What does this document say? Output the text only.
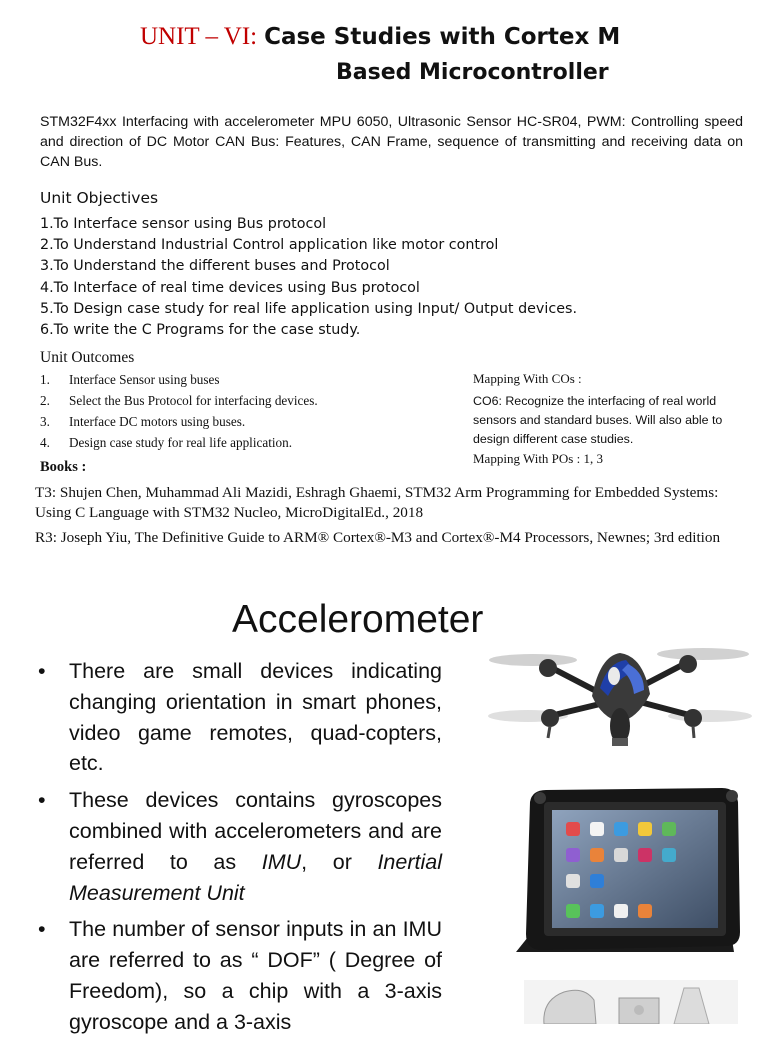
UNIT – VI: Case Studies with Cortex M
Based Microcontroller
STM32F4xx Interfacing with accelerometer MPU 6050, Ultrasonic Sensor HC-SR04, PWM: Controlling speed and direction of DC Motor CAN Bus: Features, CAN Frame, sequence of transmitting and receiving data on CAN Bus.
Unit Objectives
1.To Interface sensor using Bus protocol
2.To Understand Industrial Control application like motor control
3.To Understand the different buses and Protocol
4.To Interface of real time devices using Bus protocol
5.To Design case study for real life application using Input/ Output devices.
6.To write the C Programs for the case study.
Unit Outcomes
1. Interface Sensor using buses
2. Select the Bus Protocol for interfacing devices.
3. Interface DC motors using buses.
4. Design case study for real life application.
Mapping With COs :
CO6: Recognize the interfacing of real world sensors and standard buses. Will also able to design different case studies.
Mapping With POs : 1, 3
Books :
T3: Shujen Chen, Muhammad Ali Mazidi, Eshragh Ghaemi, STM32 Arm Programming for Embedded Systems: Using C Language with STM32 Nucleo, MicroDigitalEd., 2018
R3: Joseph Yiu, The Definitive Guide to ARM® Cortex®-M3 and Cortex®-M4 Processors, Newnes; 3rd edition
Accelerometer
• There are small devices indicating changing orientation in smart phones, video game remotes, quad-copters, etc.
• These devices contains gyroscopes combined with accelerometers and are referred to as IMU, or Inertial Measurement Unit
• The number of sensor inputs in an IMU are referred to as “ DOF” ( Degree of Freedom), so a chip with a 3-axis gyroscope and a 3-axis
